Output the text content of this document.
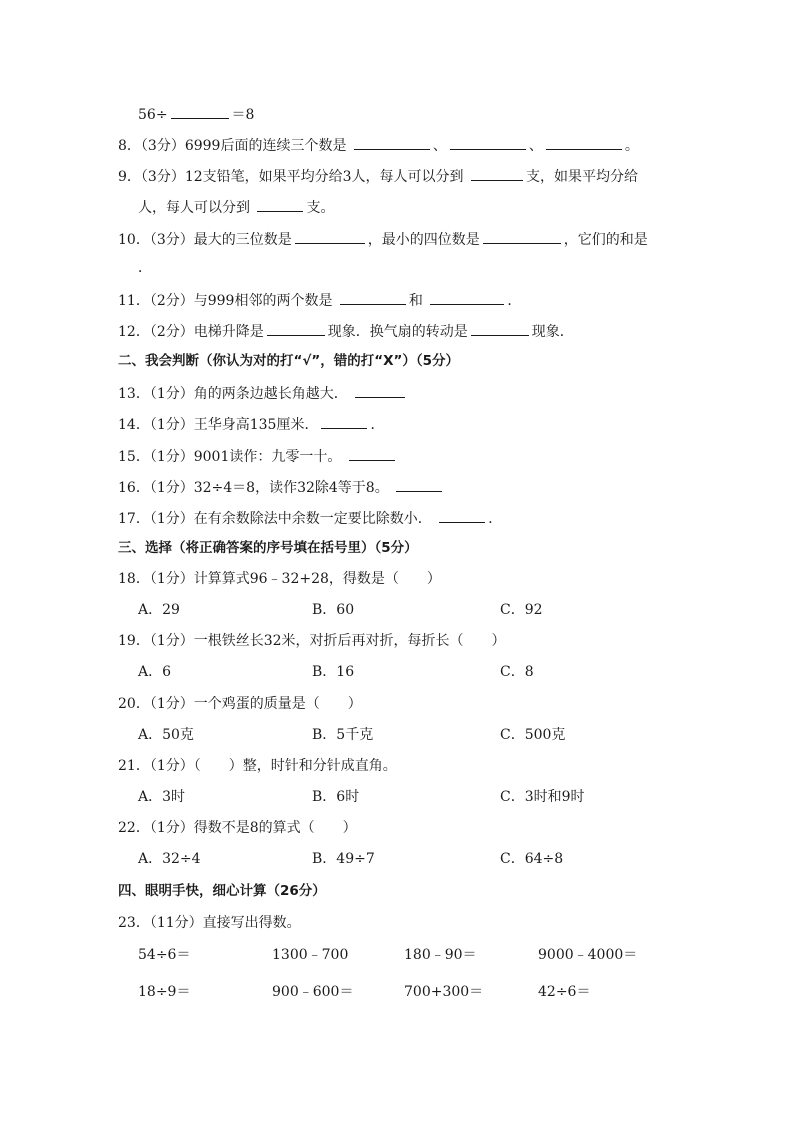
56÷	＝8
8．（3分）6999后面的连续三个数是	、	、	。
9．（3分）12支铅笔，如果平均分给3人，每人可以分到	支，如果平均分给
人，每人可以分到	支。
10．（3分）最大的三位数是	，最小的四位数是	，它们的和是
．
11．（2分）与999相邻的两个数是	和	．
12．（2分）电梯升降是	现象．换气扇的转动是	现象．
二、我会判断（你认为对的打“√”，错的打“X”）（5分）
13．（1分）角的两条边越长角越大．
14．（1分）王华身高135厘米．	．
15．（1分）9001读作：九零一十。
16．（1分）32÷4＝8，读作32除4等于8。
17．（1分）在有余数除法中余数一定要比除数小．	．
三、选择（将正确答案的序号填在括号里）（5分）
18．（1分）计算算式96﹣32+28，得数是（　　）
A．29	B．60	C．92
19．（1分）一根铁丝长32米，对折后再对折，每折长（　　）
A．6	B．16	C．8
20．（1分）一个鸡蛋的质量是（　　）
A．50克	B．5千克	C．500克
21．（1分）（　　）整，时针和分针成直角。
A．3时	B．6时	C．3时和9时
22．（1分）得数不是8的算式（　　）
A．32÷4	B．49÷7	C．64÷8
四、眼明手快，细心计算（26分）
23．（11分）直接写出得数。
54÷6＝	1300﹣700	180﹣90＝	9000﹣4000＝
18÷9＝	900﹣600＝	700+300＝	42÷6＝
